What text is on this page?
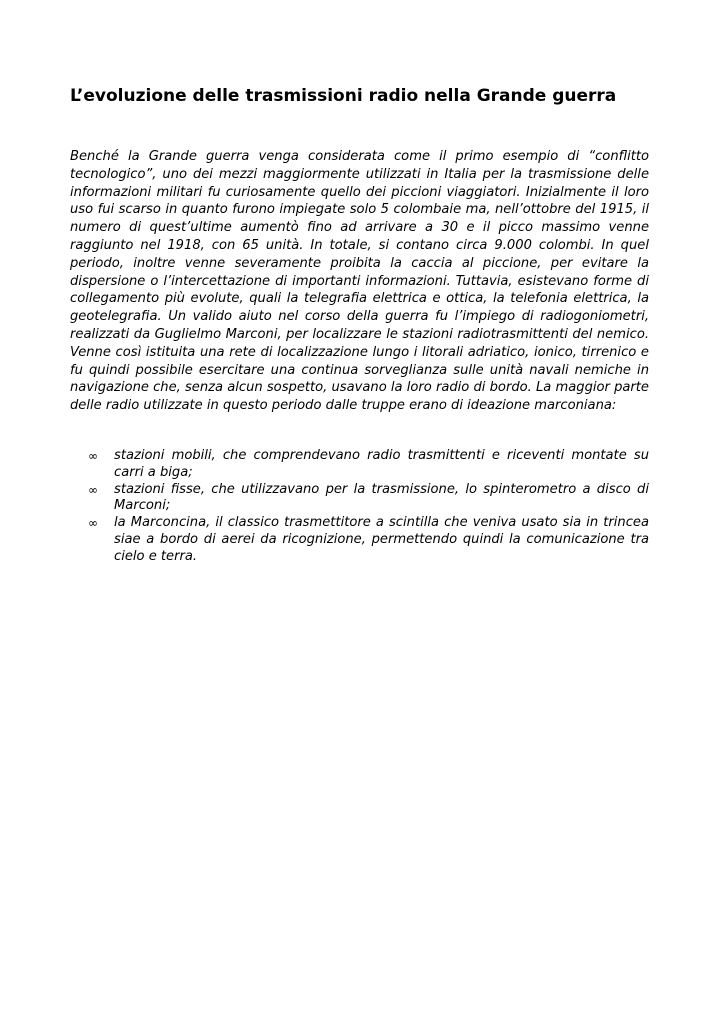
L’evoluzione delle trasmissioni radio nella Grande guerra

Benché la Grande guerra venga considerata come il primo esempio di “conflitto tecnologico”, uno dei mezzi maggiormente utilizzati in Italia per la trasmissione delle informazioni militari fu curiosamente quello dei piccioni viaggiatori. Inizialmente il loro uso fui scarso in quanto furono impiegate solo 5 colombaie ma, nell’ottobre del 1915, il numero di quest’ultime aumentò fino ad arrivare a 30 e il picco massimo venne raggiunto nel 1918, con 65 unità. In totale, si contano circa 9.000 colombi. In quel periodo, inoltre venne severamente proibita la caccia al piccione, per evitare la dispersione o l’intercettazione di importanti informazioni. Tuttavia, esistevano forme di collegamento più evolute, quali la telegrafia elettrica e ottica, la telefonia elettrica, la geotelegrafia. Un valido aiuto nel corso della guerra fu l’impiego di radiogoniometri, realizzati da Guglielmo Marconi, per localizzare le stazioni radiotrasmittenti del nemico. Venne così istituita una rete di localizzazione lungo i litorali adriatico, ionico, tirrenico e fu quindi possibile esercitare una continua sorveglianza sulle unità navali nemiche in navigazione che, senza alcun sospetto, usavano la loro radio di bordo. La maggior parte delle radio utilizzate in questo periodo dalle truppe erano di ideazione marconiana:

∞ stazioni mobili, che comprendevano radio trasmittenti e riceventi montate su carri a biga;
∞ stazioni fisse, che utilizzavano per la trasmissione, lo spinterometro a disco di Marconi;
∞ la Marconcina, il classico trasmettitore a scintilla che veniva usato sia in trincea siae a bordo di aerei da ricognizione, permettendo quindi la comunicazione tra cielo e terra.
